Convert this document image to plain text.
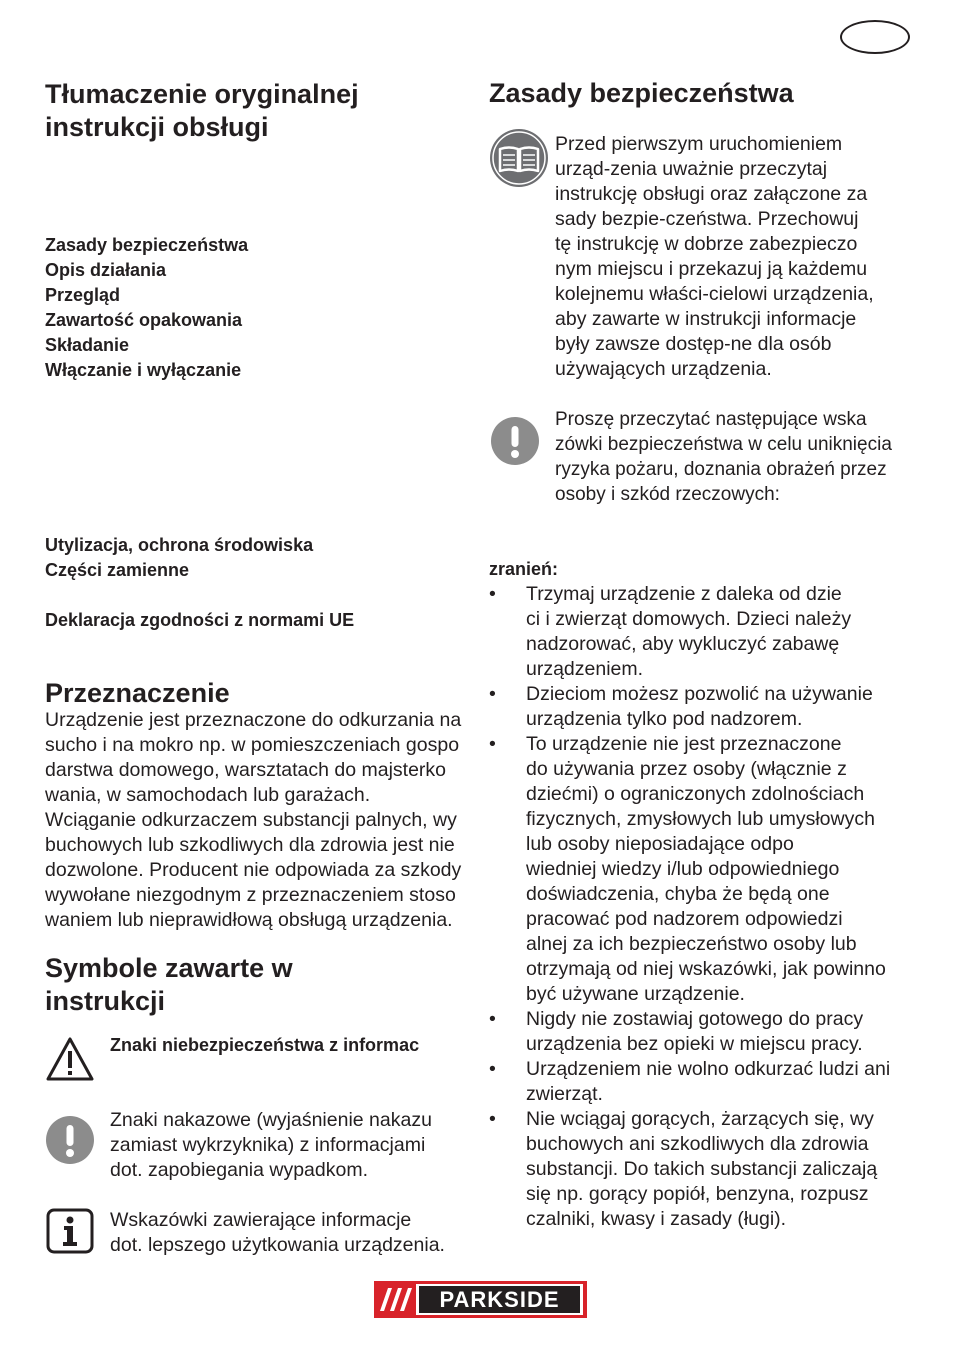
Tłumaczenie oryginalnej
instrukcji obsługi
Zasady bezpieczeństwa
Opis działania
Przegląd
Zawartość opakowania
Składanie
Włączanie i wyłączanie
Utylizacja, ochrona środowiska
Części zamienne
Deklaracja zgodności z normami UE
Przeznaczenie
Urządzenie jest przeznaczone do odkurzania na
sucho i na mokro np. w pomieszczeniach gospo
darstwa domowego, warsztatach do majsterko
wania, w samochodach lub garażach.
Wciąganie odkurzaczem substancji palnych, wy
buchowych lub szkodliwych dla zdrowia jest nie
dozwolone. Producent nie odpowiada za szkody
wywołane niezgodnym z przeznaczeniem stoso
waniem lub nieprawidłową obsługą urządzenia.
Symbole zawarte w
instrukcji
Znaki niebezpieczeństwa z informac
Znaki nakazowe (wyjaśnienie nakazu
zamiast wykrzyknika) z informacjami
dot. zapobiegania wypadkom.
Wskazówki zawierające informacje
dot. lepszego użytkowania urządzenia.
Zasady bezpieczeństwa
Przed pierwszym uruchomieniem
urząd-zenia uważnie przeczytaj
instrukcję obsługi oraz załączone za
sady bezpie-czeństwa. Przechowuj
tę instrukcję w dobrze zabezpieczo
nym miejscu i przekazuj ją każdemu
kolejnemu właści-cielowi urządzenia,
aby zawarte w instrukcji informacje
były zawsze dostęp-ne dla osób
używających urządzenia.
Proszę przeczytać następujące wska
zówki bezpieczeństwa w celu uniknięcia
ryzyka pożaru, doznania obrażeń przez
osoby i szkód rzeczowych:
zranień:
• Trzymaj urządzenie z daleka od dzie
ci i zwierząt domowych. Dzieci należy
nadzorować, aby wykluczyć zabawę
urządzeniem.
• Dzieciom możesz pozwolić na używanie
urządzenia tylko pod nadzorem.
• To urządzenie nie jest przeznaczone
do używania przez osoby (włącznie z
dziećmi) o ograniczonych zdolnościach
fizycznych, zmysłowych lub umysłowych
lub osoby nieposiadające odpo
wiedniej wiedzy i/lub odpowiedniego
doświadczenia, chyba że będą one
pracować pod nadzorem odpowiedzi
alnej za ich bezpieczeństwo osoby lub
otrzymają od niej wskazówki, jak powinno
być używane urządzenie.
• Nigdy nie zostawiaj gotowego do pracy
urządzenia bez opieki w miejscu pracy.
• Urządzeniem nie wolno odkurzać ludzi ani
zwierząt.
• Nie wciągaj gorących, żarzących się, wy
buchowych ani szkodliwych dla zdrowia
substancji. Do takich substancji zaliczają
się np. gorący popiół, benzyna, rozpusz
czalniki, kwasy i zasady (ługi).
PARKSIDE
